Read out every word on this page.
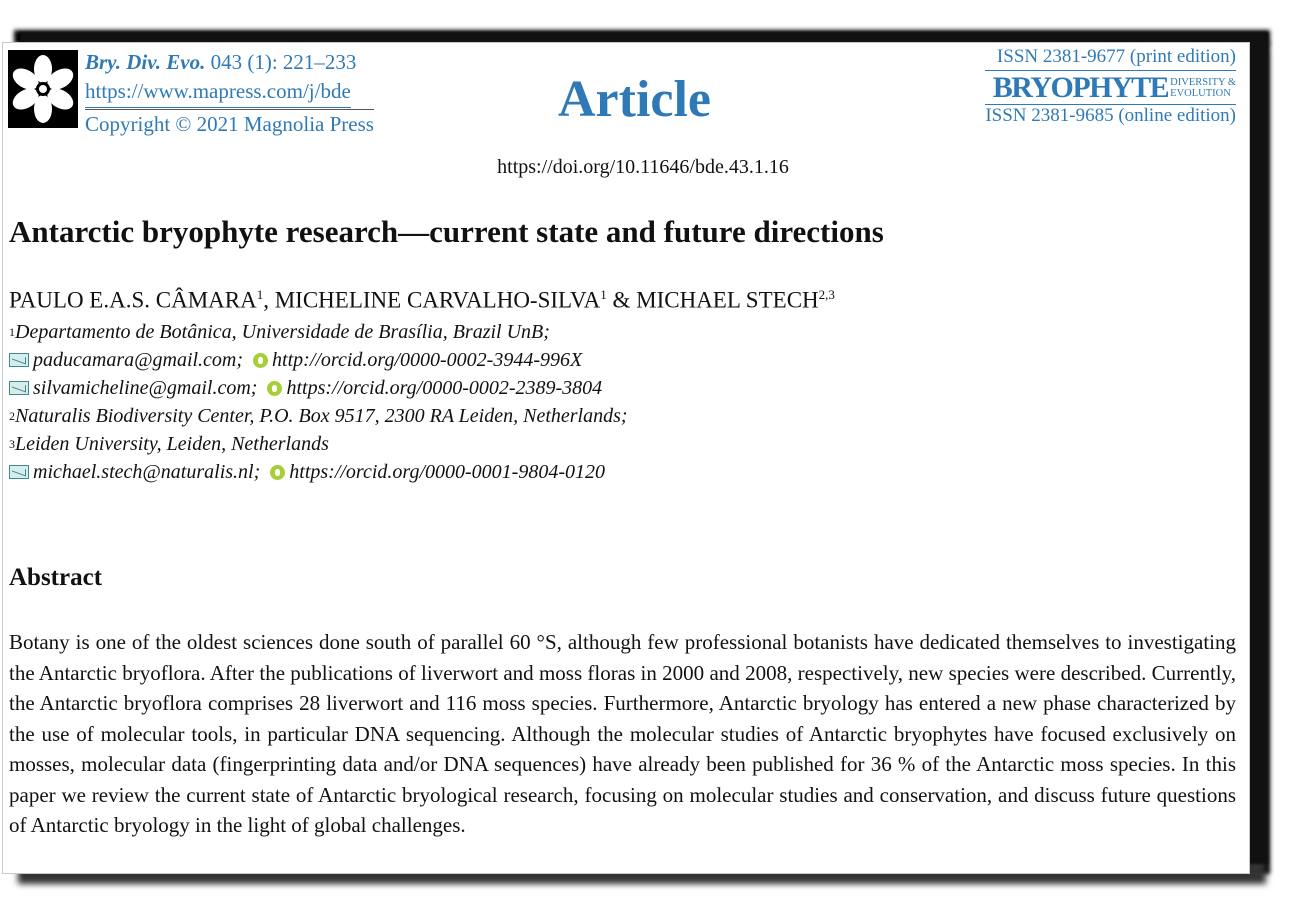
Bry. Div. Evo. 043 (1): 221–233
https://www.mapress.com/j/bde
Copyright © 2021 Magnolia Press	Article
ISSN 2381-9677 (print edition)
BRYOPHYTE DIVERSITY &
EVOLUTION
ISSN 2381-9685 (online edition)
https://doi.org/10.11646/bde.43.1.16
Antarctic bryophyte research—current state and future directions
PAULO E.A.S. CÂMARA$^1$, MICHELINE CARVALHO-SILVA$^1$ & MICHAEL STECH$^{2,3}$
1 Departamento de Botânica, Universidade de Brasília, Brazil UnB;
paducamara@gmail.com; http://orcid.org/0000-0002-3944-996X
silvamicheline@gmail.com; https://orcid.org/0000-0002-2389-3804
2 Naturalis Biodiversity Center, P.O. Box 9517, 2300 RA Leiden, Netherlands;
3 Leiden University, Leiden, Netherlands
michael.stech@naturalis.nl; https://orcid.org/0000-0001-9804-0120
Abstract
Botany is one of the oldest sciences done south of parallel 60 °S, although few professional botanists have dedicated themselves to investigating the Antarctic bryoflora. After the publications of liverwort and moss floras in 2000 and 2008, respectively, new species were described. Currently, the Antarctic bryoflora comprises 28 liverwort and 116 moss species. Furthermore, Antarctic bryology has entered a new phase characterized by the use of molecular tools, in particular DNA sequencing. Although the molecular studies of Antarctic bryophytes have focused exclusively on mosses, molecular data (fingerprinting data and/or DNA sequences) have already been published for 36 % of the Antarctic moss species. In this paper we review the current state of Antarctic bryological research, focusing on molecular studies and conservation, and discuss future questions of Antarctic bryology in the light of global challenges.
